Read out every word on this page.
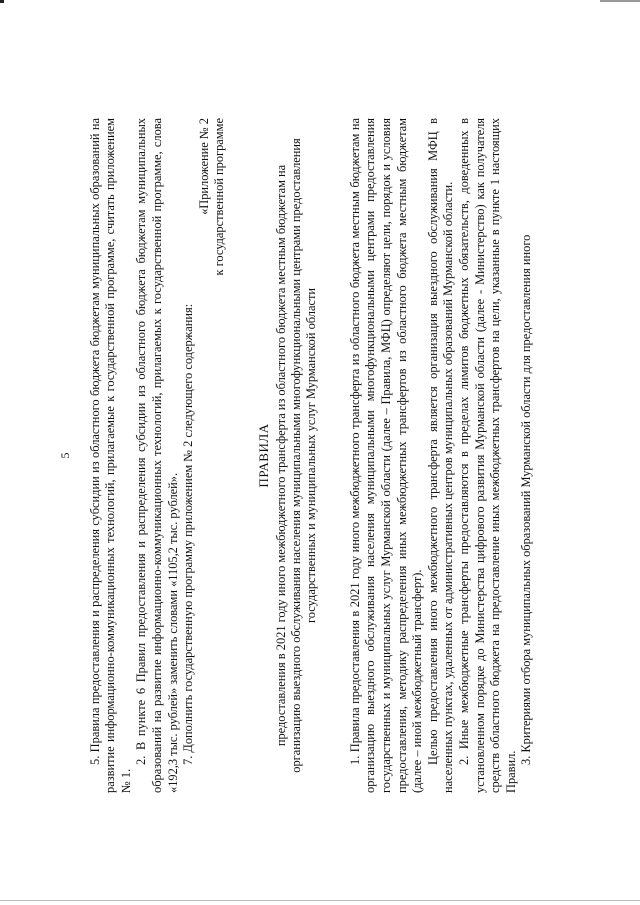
5

5. Правила предоставления и распределения субсидии из областного бюджета бюджетам муниципальных образований на развитие информационно-коммуникационных технологий, прилагаемые к государственной программе, считать приложением № 1.

2. В пункте 6 Правил предоставления и распределения субсидии из областного бюджета бюджетам муниципальных образований на развитие информационно-коммуникационных технологий, прилагаемых к государственной программе, слова «192,3 тыс. рублей» заменить словами «1105,2 тыс. рублей». 7. Дополнить государственную программу приложением № 2 следующего содержания:

«Приложение № 2 к государственной программе
ПРАВИЛА предоставления в 2021 году иного межбюджетного трансферта из областного бюджета местным бюджетам на организацию выездного обслуживания населения муниципальными многофункциональными центрами предоставления государственных и муниципальных услуг Мурманской области 1. Правила предоставления в 2021 году иного межбюджетного трансферта из областного бюджета местным бюджетам на организацию выездного обслуживания населения муниципальными многофункциональными центрами предоставления государственных и муниципальных услуг Мурманской области (далее – Правила, МФЦ) определяют цели, порядок и условия предоставления, методику распределения иных межбюджетных трансфертов из областного бюджета местным бюджетам (далее – иной межбюджетный трансферт). Целью предоставления иного межбюджетного трансферта является организация выездного обслуживания МФЦ в населенных пунктах, удаленных от административных центров муниципальных образований Мурманской области. 2. Иные межбюджетные трансферты предоставляются в пределах лимитов бюджетных обязательств, доведенных в установленном порядке до Министерства цифрового развития Мурманской области (далее - Министерство) как получателя средств областного бюджета на предоставление иных межбюджетных трансфертов на цели, указанные в пункте 1 настоящих Правил.

3. Критериями отбора муниципальных образований Мурманской области для предоставления иного
